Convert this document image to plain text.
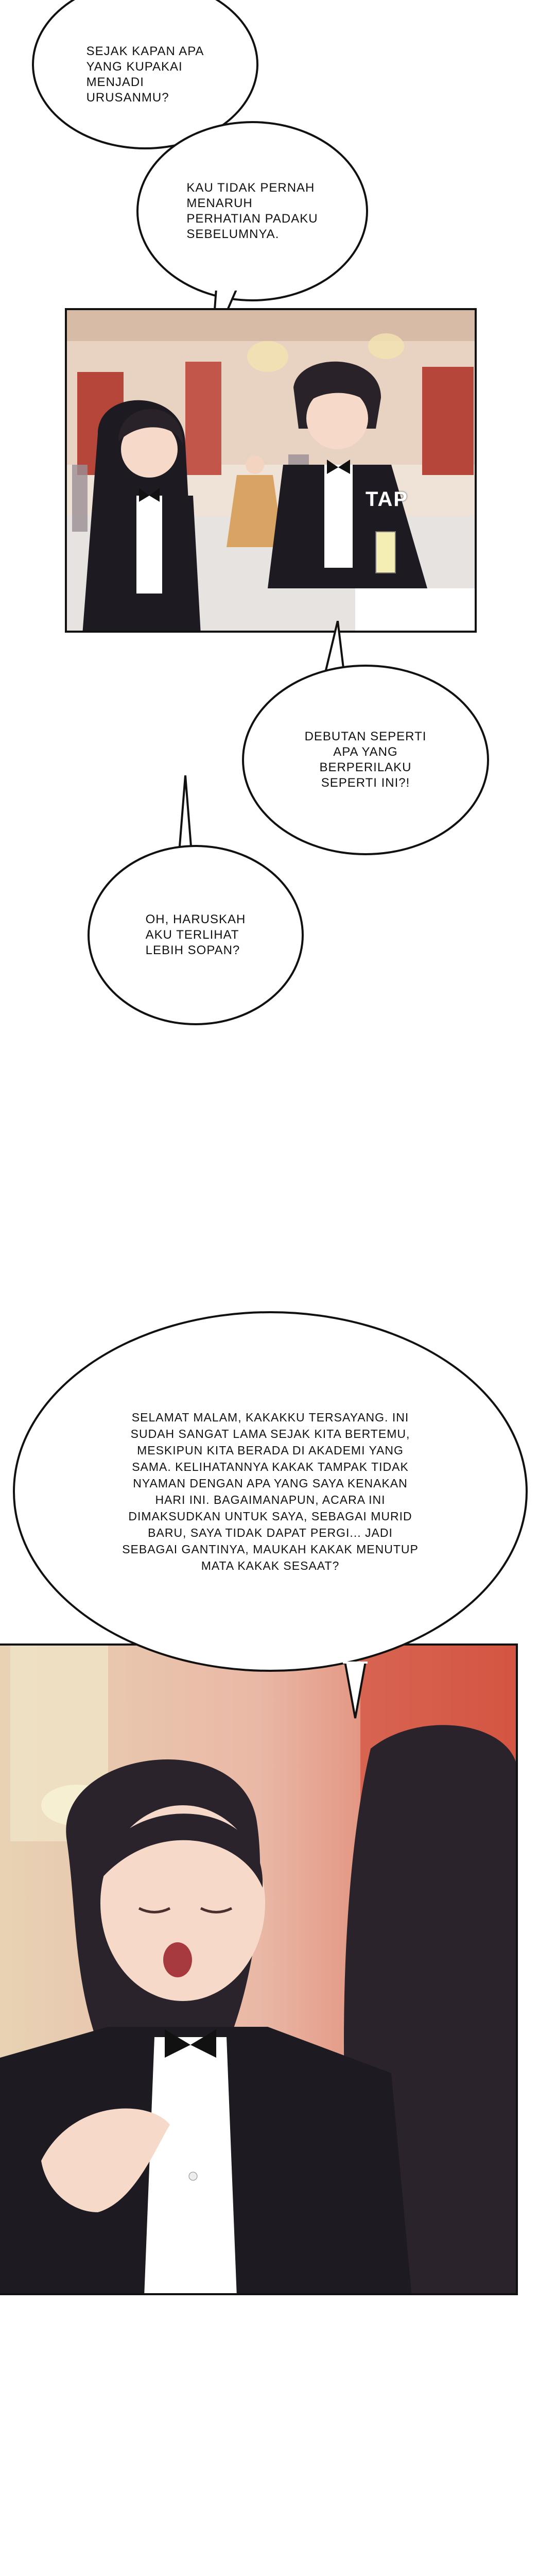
SEJAK KAPAN APA
YANG KUPAKAI
MENJADI
URUSANMU?
KAU TIDAK PERNAH
MENARUH
PERHATIAN PADAKU
SEBELUMNYA.
TAP
DEBUTAN SEPERTI
APA YANG
BERPERILAKU
SEPERTI INI?!
OH, HARUSKAH
AKU TERLIHAT
LEBIH SOPAN?
SELAMAT MALAM, KAKAKKU TERSAYANG. INI
SUDAH SANGAT LAMA SEJAK KITA BERTEMU,
MESKIPUN KITA BERADA DI AKADEMI YANG
SAMA. KELIHATANNYA KAKAK TAMPAK TIDAK
NYAMAN DENGAN APA YANG SAYA KENAKAN
HARI INI. BAGAIMANAPUN, ACARA INI
DIMAKSUDKAN UNTUK SAYA, SEBAGAI MURID
BARU, SAYA TIDAK DAPAT PERGI... JADI
SEBAGAI GANTINYA, MAUKAH KAKAK MENUTUP
MATA KAKAK SESAAT?
